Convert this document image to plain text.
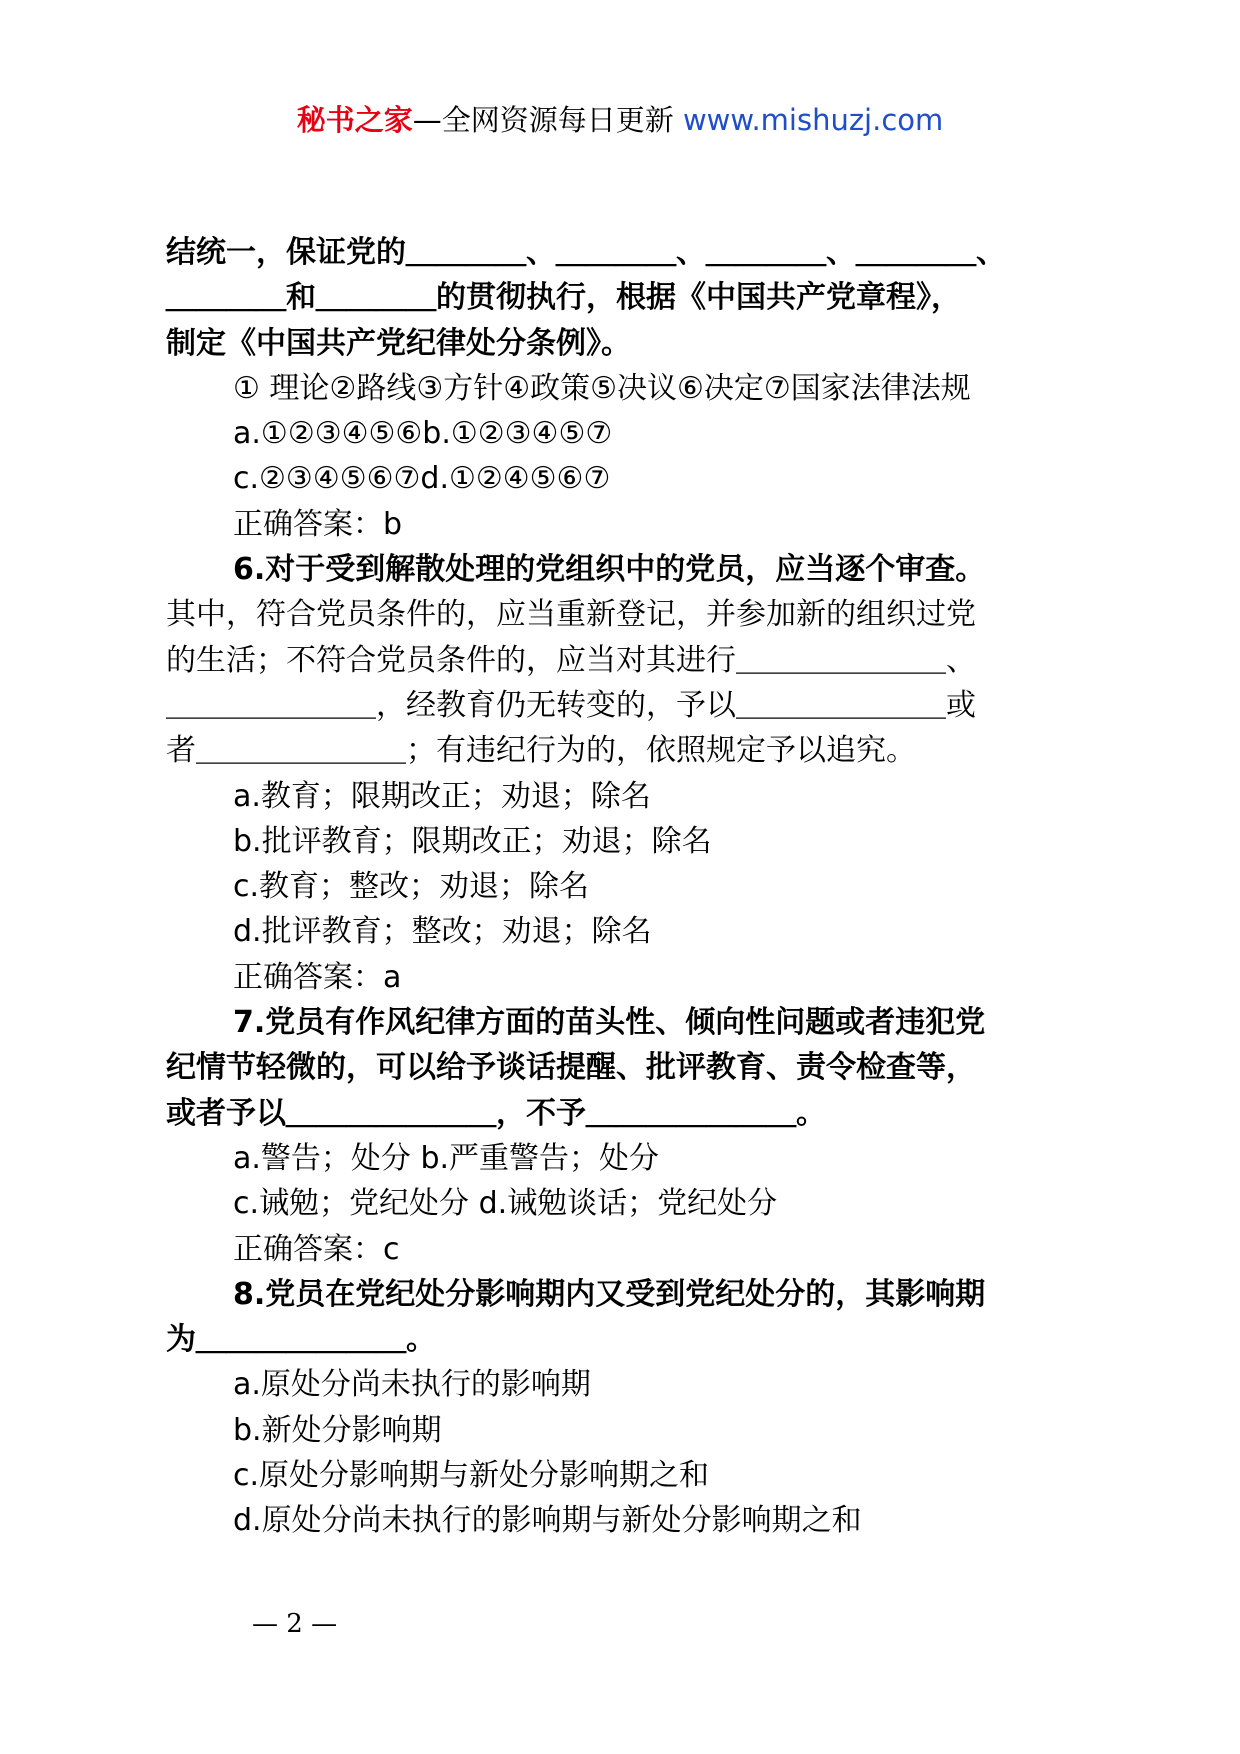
秘书之家—全网资源每日更新 www.mishuzj.com
结统一，保证党的＿＿＿＿、＿＿＿＿、＿＿＿＿、＿＿＿＿、
＿＿＿＿和＿＿＿＿的贯彻执行，根据《中国共产党章程》，
制定《中国共产党纪律处分条例》。
① 理论②路线③方针④政策⑤决议⑥决定⑦国家法律法规
a.①②③④⑤⑥b.①②③④⑤⑦
c.②③④⑤⑥⑦d.①②④⑤⑥⑦
正确答案：b
6.对于受到解散处理的党组织中的党员，应当逐个审查。
其中，符合党员条件的，应当重新登记，并参加新的组织过党
的生活；不符合党员条件的，应当对其进行＿＿＿＿＿＿＿、
＿＿＿＿＿＿＿，经教育仍无转变的，予以＿＿＿＿＿＿＿或
者＿＿＿＿＿＿＿；有违纪行为的，依照规定予以追究。
a.教育；限期改正；劝退；除名
b.批评教育；限期改正；劝退；除名
c.教育；整改；劝退；除名
d.批评教育；整改；劝退；除名
正确答案：a
7.党员有作风纪律方面的苗头性、倾向性问题或者违犯党
纪情节轻微的，可以给予谈话提醒、批评教育、责令检查等，
或者予以＿＿＿＿＿＿＿，不予＿＿＿＿＿＿＿。
a.警告；处分 b.严重警告；处分
c.诫勉；党纪处分 d.诫勉谈话；党纪处分
正确答案：c
8.党员在党纪处分影响期内又受到党纪处分的，其影响期
为＿＿＿＿＿＿＿。
a.原处分尚未执行的影响期
b.新处分影响期
c.原处分影响期与新处分影响期之和
d.原处分尚未执行的影响期与新处分影响期之和
— 2 —
